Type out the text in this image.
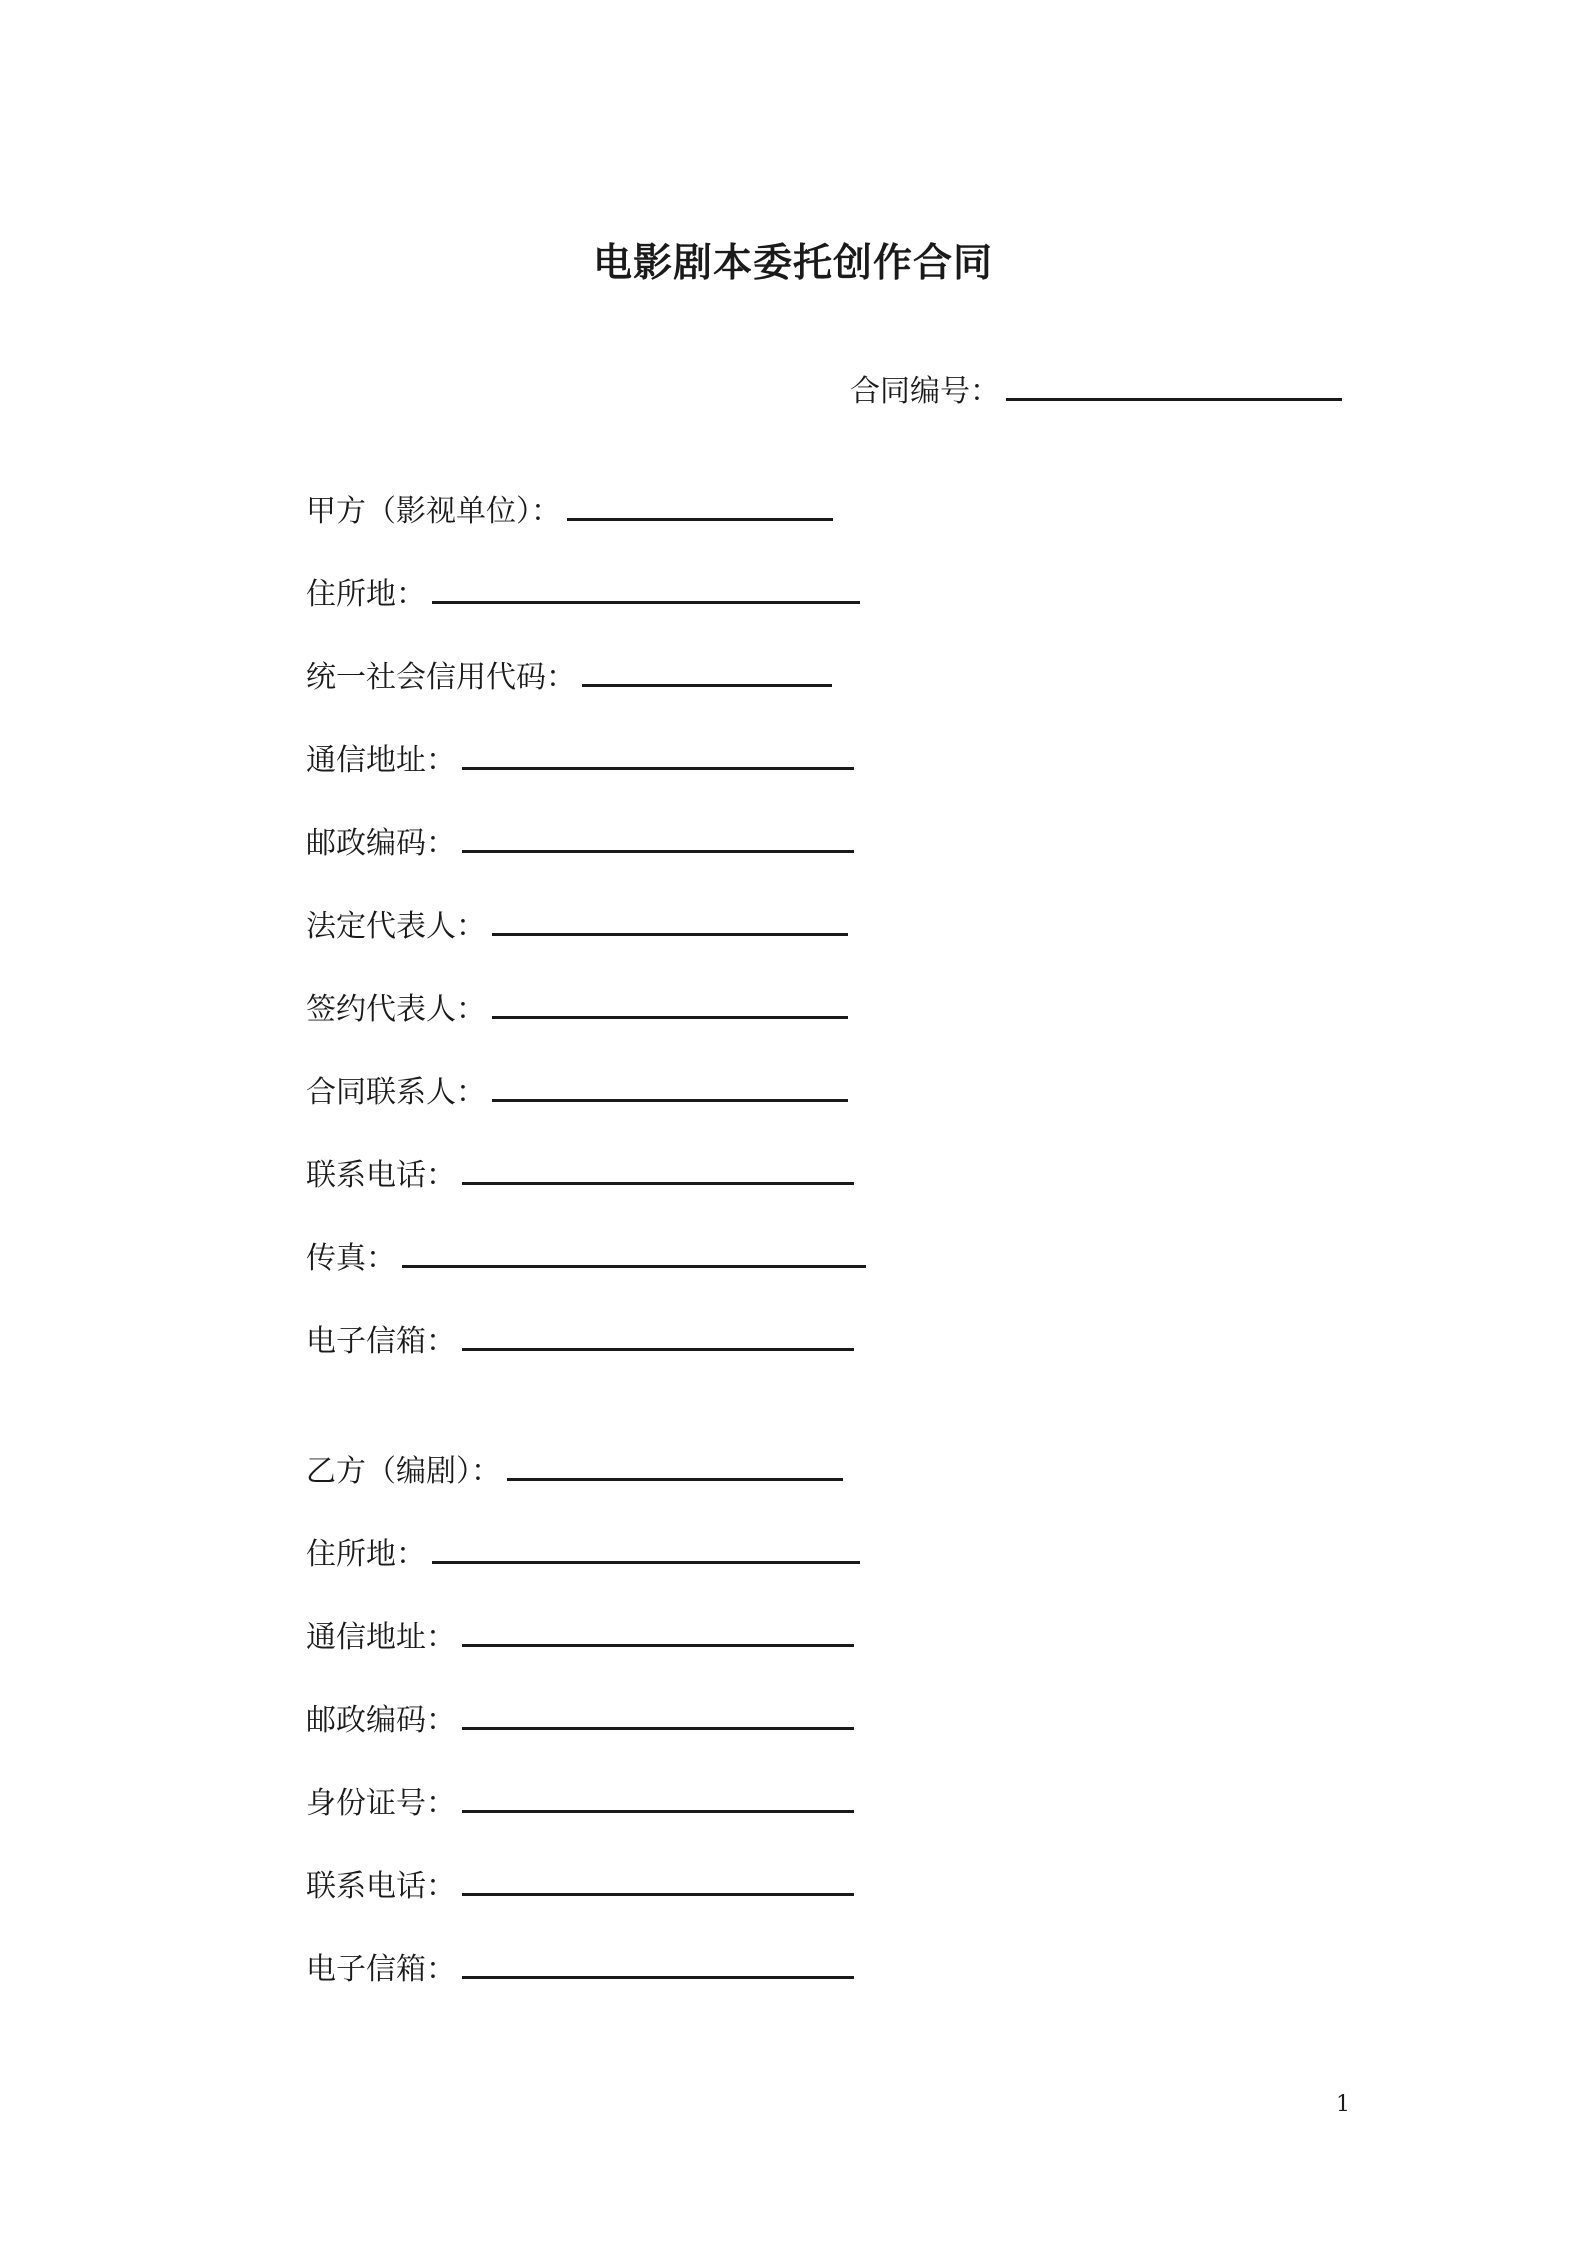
电影剧本委托创作合同
合同编号：
甲方（影视单位）：
住所地：
统一社会信用代码：
通信地址：
邮政编码：
法定代表人：
签约代表人：
合同联系人：
联系电话：
传真：
电子信箱：
乙方（编剧）：
住所地：
通信地址：
邮政编码：
身份证号：
联系电话：
电子信箱：
1
